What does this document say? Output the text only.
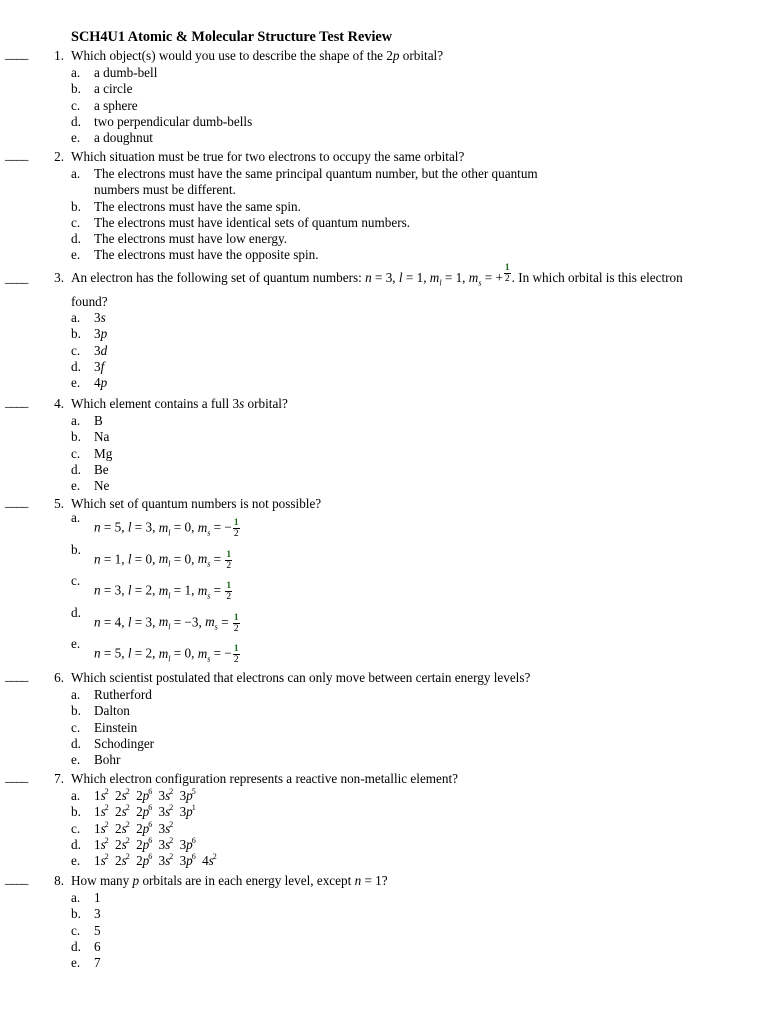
SCH4U1 Atomic & Molecular Structure Test Review
____	1. Which object(s) would you use to describe the shape of the 2p orbital?
a. a dumb-bell
b. a circle
c. a sphere
d. two perpendicular dumb-bells
e. a doughnut
____	2. Which situation must be true for two electrons to occupy the same orbital?
a. The electrons must have the same principal quantum number, but the other quantum
numbers must be different.
b. The electrons must have the same spin.
c. The electrons must have identical sets of quantum numbers.
d. The electrons must have low energy.
e. The electrons must have the opposite spin.
____	3. An electron has the following set of quantum numbers: n = 3, l = 1, $m_l = 1$, $m_s$ = + $\frac{1}{2}$ . In which orbital is this electron
found?
a. 3s
b. 3p
c. 3d
d. 3f
e. 4p
____	4. Which element contains a full 3s orbital?
a. B
b. Na
c. Mg
d. Be
e. Ne
____	5. Which set of quantum numbers is not possible?
a.
n = 5, l = 3, $m_l = 0$, $m_s$ = − $\frac{1}{2}$
b.
n = 1, l = 0, $m_l = 0$, $m_s = \frac{1}{2}$
c.
n = 3, l = 2, $m_l = 1$, $m_s = \frac{1}{2}$
d.
n = 4, l = 3, $m_l = -3$, $m_s = \frac{1}{2}$
e.
n = 5, l = 2, $m_l = 0$, $m_s$ = − $\frac{1}{2}$
____	6. Which scientist postulated that electrons can only move between certain energy levels?
a. Rutherford
b. Dalton
c. Einstein
d. Schodinger
e. Bohr
____	7. Which electron configuration represents a reactive non-metallic element?
a. $1s^2$ $2s^2$ $2p^6$ $3s^2$ $3p^5$
b. $1s^2$ $2s^2$ $2p^6$ $3s^2$ $3p^1$
c. $1s^2$ $2s^2$ $2p^6$ $3s^2$
d. $1s^2$ $2s^2$ $2p^6$ $3s^2$ $3p^6$
e. $1s^2$ $2s^2$ $2p^6$ $3s^2$ $3p^6$ $4s^2$
____	8. How many p orbitals are in each energy level, except n = 1?
a. 1
b. 3
c. 5
d. 6
e. 7
